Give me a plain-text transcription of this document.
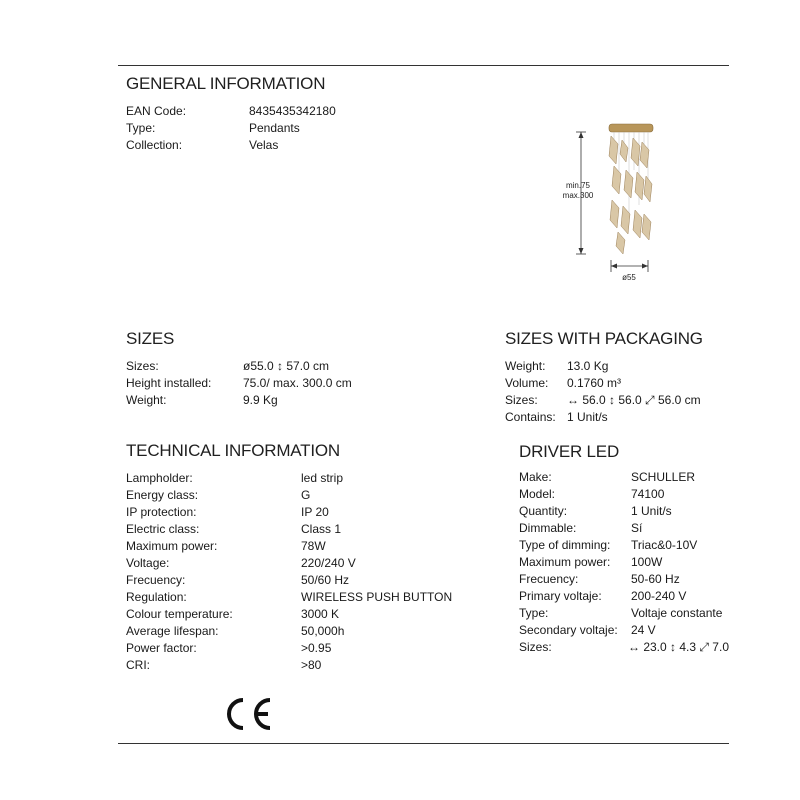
GENERAL INFORMATION
EAN Code:	8435435342180
Type:	Pendants
Collection:	Velas
min.75
max.300
ø55
SIZES
Sizes:	ø55.0 ↕ 57.0 cm
Height installed:	75.0/ max. 300.0 cm
Weight:	9.9 Kg
SIZES WITH PACKAGING
Weight:	13.0 Kg
Volume:	0.1760 m³
Sizes:	↔ 56.0 ↕ 56.0 ⤢ 56.0 cm
Contains: 1 Unit/s
TECHNICAL INFORMATION
Lampholder:	led strip
Energy class:	G
IP protection:	IP 20
Electric class:	Class 1
Maximum power:	78W
Voltage:	220/240 V
Frecuency:	50/60 Hz
Regulation:	WIRELESS PUSH BUTTON
Colour temperature:	3000 K
Average lifespan:	50,000h
Power factor:	>0.95
CRI:	>80
DRIVER LED
Make:	SCHULLER
Model:	74100
Quantity:	1 Unit/s
Dimmable:	Sí
Type of dimming:	Triac&0-10V
Maximum power:	100W
Frecuency:	50-60 Hz
Primary voltaje:	200-240 V
Type:	Voltaje constante
Secondary voltaje:	24 V
Sizes:	↔ 23.0 ↕ 4.3 ⤢ 7.0
